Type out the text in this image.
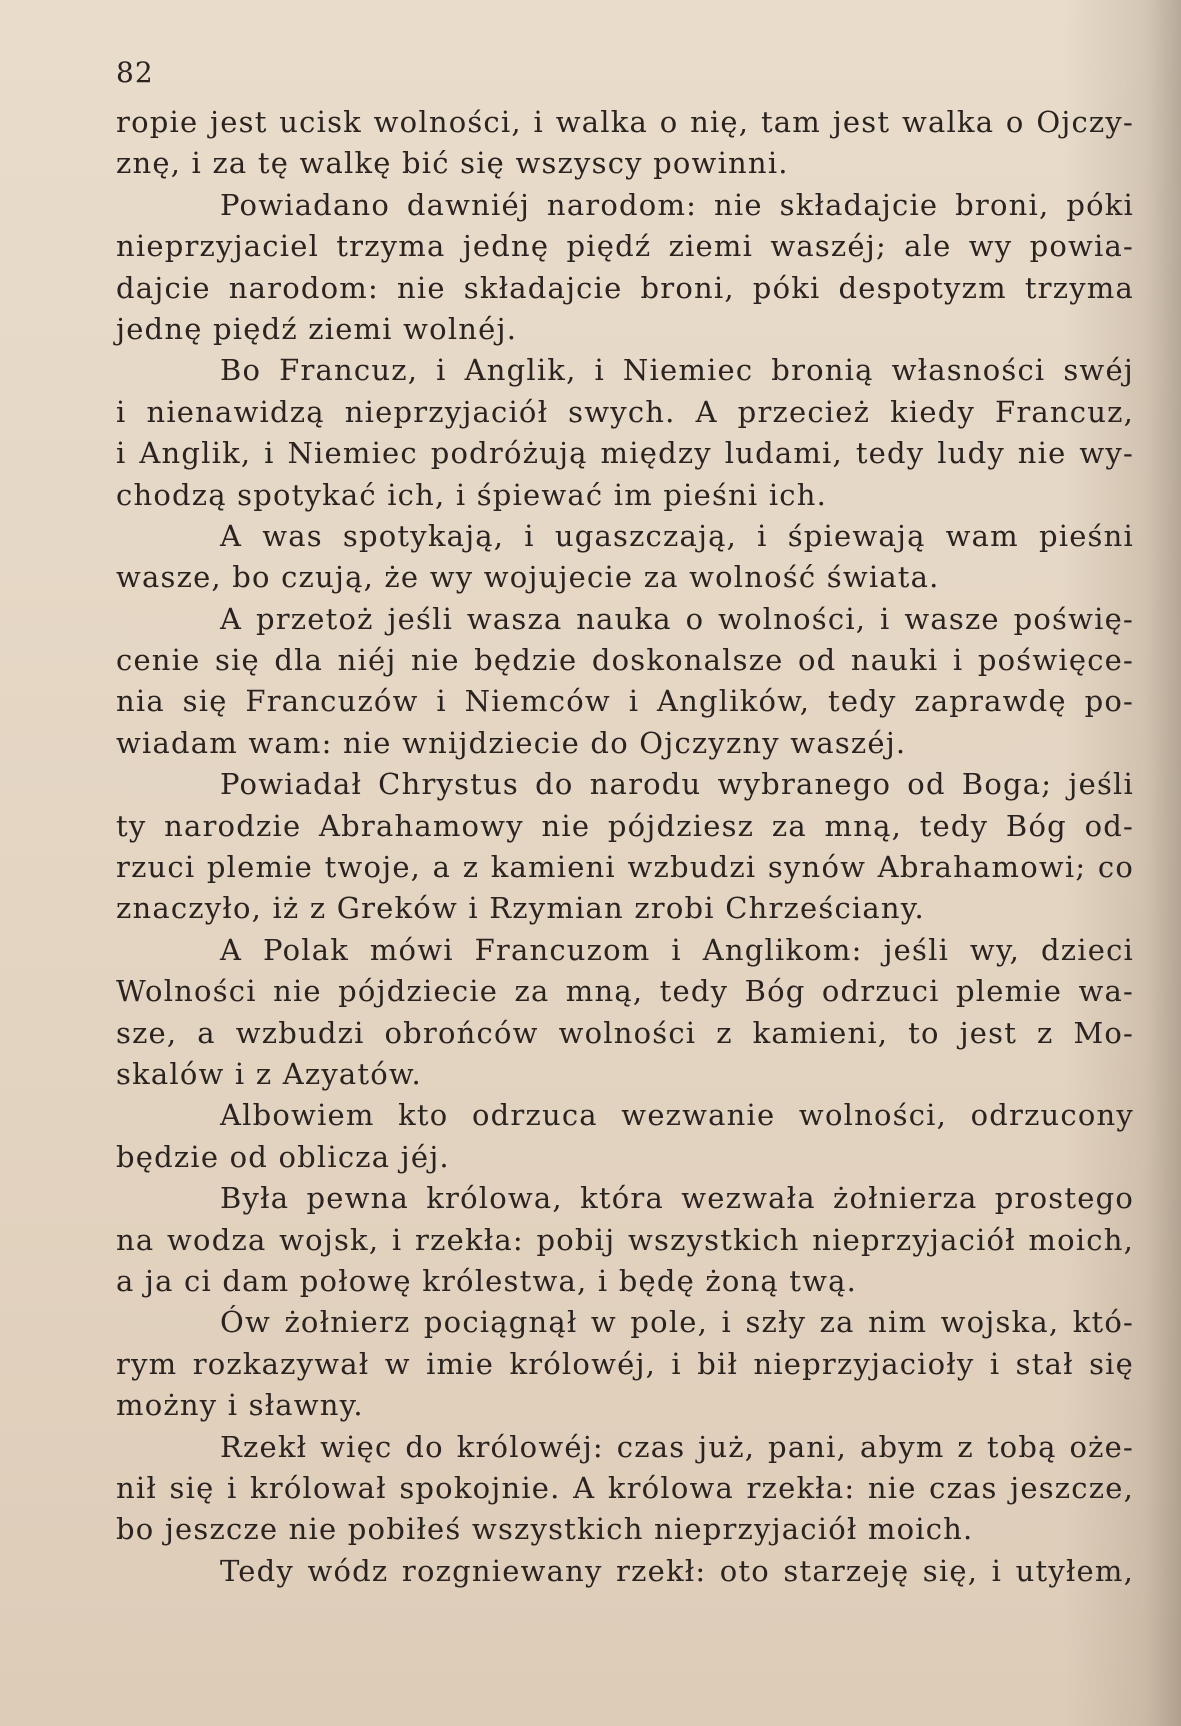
82
ropie jest ucisk wolności, i walka o nię, tam jest walka o Ojczy-
znę, i za tę walkę bić się wszyscy powinni.
Powiadano dawniéj narodom: nie składajcie broni, póki
nieprzyjaciel trzyma jednę piędź ziemi waszéj; ale wy powia-
dajcie narodom: nie składajcie broni, póki despotyzm trzyma
jednę piędź ziemi wolnéj.
Bo Francuz, i Anglik, i Niemiec bronią własności swéj
i nienawidzą nieprzyjaciół swych. A przecież kiedy Francuz,
i Anglik, i Niemiec podróżują między ludami, tedy ludy nie wy-
chodzą spotykać ich, i śpiewać im pieśni ich.
A was spotykają, i ugaszczają, i śpiewają wam pieśni
wasze, bo czują, że wy wojujecie za wolność świata.
A przetoż jeśli wasza nauka o wolności, i wasze poświę-
cenie się dla niéj nie będzie doskonalsze od nauki i poświęce-
nia się Francuzów i Niemców i Anglików, tedy zaprawdę po-
wiadam wam: nie wnijdziecie do Ojczyzny waszéj.
Powiadał Chrystus do narodu wybranego od Boga; jeśli
ty narodzie Abrahamowy nie pójdziesz za mną, tedy Bóg od-
rzuci plemie twoje, a z kamieni wzbudzi synów Abrahamowi; co
znaczyło, iż z Greków i Rzymian zrobi Chrześciany.
A Polak mówi Francuzom i Anglikom: jeśli wy, dzieci
Wolności nie pójdziecie za mną, tedy Bóg odrzuci plemie wa-
sze, a wzbudzi obrońców wolności z kamieni, to jest z Mo-
skalów i z Azyatów.
Albowiem kto odrzuca wezwanie wolności, odrzucony
będzie od oblicza jéj.
Była pewna królowa, która wezwała żołnierza prostego
na wodza wojsk, i rzekła: pobij wszystkich nieprzyjaciół moich,
a ja ci dam połowę królestwa, i będę żoną twą.
Ów żołnierz pociągnął w pole, i szły za nim wojska, któ-
rym rozkazywał w imie królowéj, i bił nieprzyjacioły i stał się
możny i sławny.
Rzekł więc do królowéj: czas już, pani, abym z tobą oże-
nił się i królował spokojnie. A królowa rzekła: nie czas jeszcze,
bo jeszcze nie pobiłeś wszystkich nieprzyjaciół moich.
Tedy wódz rozgniewany rzekł: oto starzeję się, i utyłem,
